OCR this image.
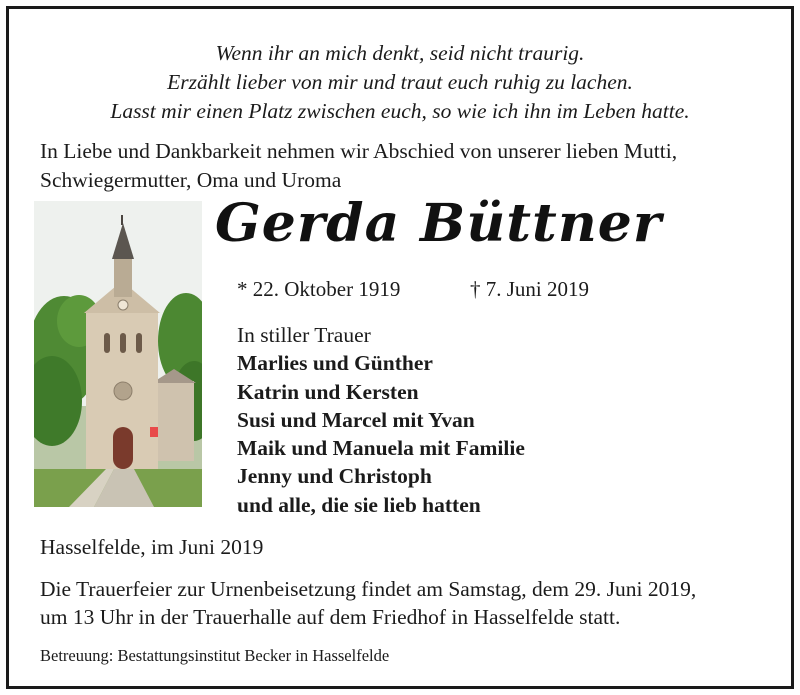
Wenn ihr an mich denkt, seid nicht traurig.
Erzählt lieber von mir und traut euch ruhig zu lachen.
Lasst mir einen Platz zwischen euch, so wie ich ihn im Leben hatte.
In Liebe und Dankbarkeit nehmen wir Abschied von unserer lieben Mutti,
Schwiegermutter, Oma und Uroma
Gerda Büttner
* 22. Oktober 1919	† 7. Juni 2019
In stiller Trauer
Marlies und Günther
Katrin und Kersten
Susi und Marcel mit Yvan
Maik und Manuela mit Familie
Jenny und Christoph
und alle, die sie lieb hatten
Hasselfelde, im Juni 2019
Die Trauerfeier zur Urnenbeisetzung findet am Samstag, dem 29. Juni 2019,
um 13 Uhr in der Trauerhalle auf dem Friedhof in Hasselfelde statt.
Betreuung: Bestattungsinstitut Becker in Hasselfelde
